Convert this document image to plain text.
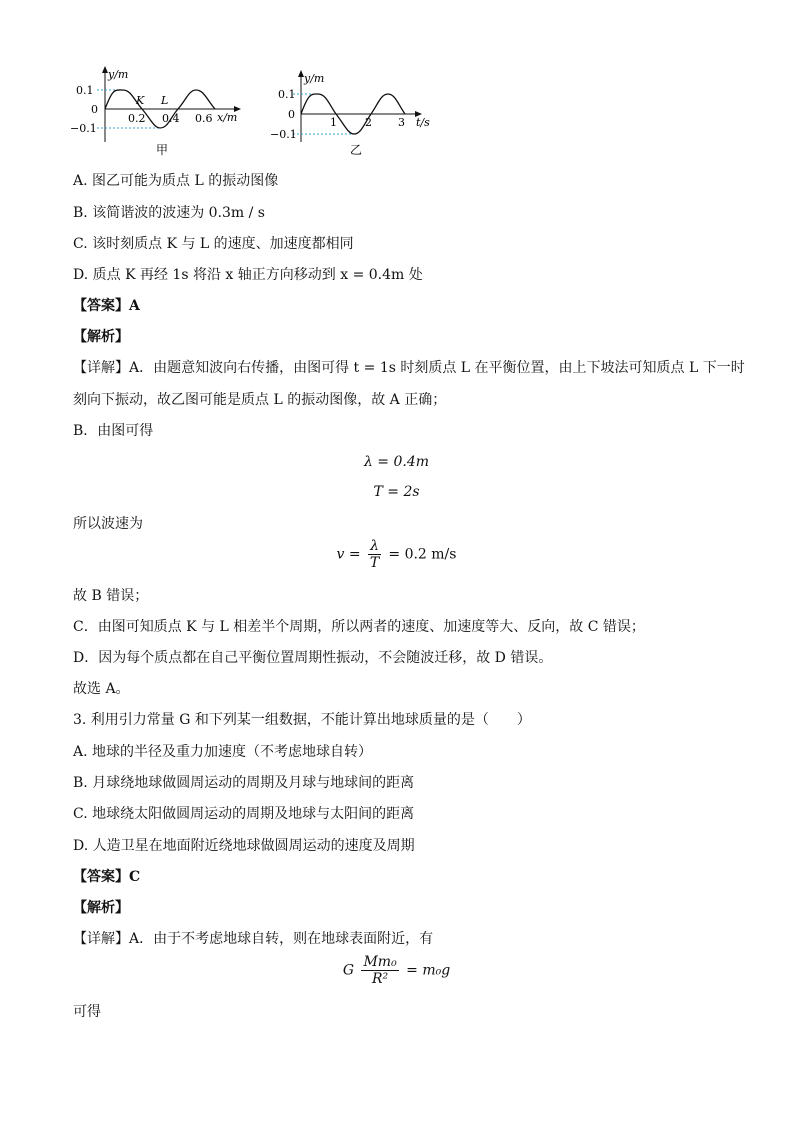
y/m
0.1
0
−0.1
0.2 0.4 0.6 x/m
K L
甲
y/m
0.1
0
−0.1
1	2 3 t/s
乙
A. 图乙可能为质点 L 的振动图像
B. 该简谐波的波速为 0.3m / s
C. 该时刻质点 K 与 L 的速度、加速度都相同
D. 质点 K 再经 1s 将沿 x 轴正方向移动到 x = 0.4m 处
【答案】A
【解析】
【详解】A．由题意知波向右传播，由图可得 t = 1s 时刻质点 L 在平衡位置，由上下坡法可知质点 L 下一时
刻向下振动，故乙图可能是质点 L 的振动图像，故 A 正确；
B．由图可得
λ = 0.4m
T = 2s
所以波速为
$v = \frac{\lambda}{T} = 0.2$ m/s
故 B 错误；
C．由图可知质点 K 与 L 相差半个周期，所以两者的速度、加速度等大、反向，故 C 错误；
D．因为每个质点都在自己平衡位置周期性振动，不会随波迁移，故 D 错误。
故选 A。
3. 利用引力常量 G 和下列某一组数据，不能计算出地球质量的是（　　）
A. 地球的半径及重力加速度（不考虑地球自转）
B. 月球绕地球做圆周运动的周期及月球与地球间的距离
C. 地球绕太阳做圆周运动的周期及地球与太阳间的距离
D. 人造卫星在地面附近绕地球做圆周运动的速度及周期
【答案】C
【解析】
【详解】A．由于不考虑地球自转，则在地球表面附近，有
G $\frac{\text{Mm₀}}{\text{R²}} = m_0g$
可得
